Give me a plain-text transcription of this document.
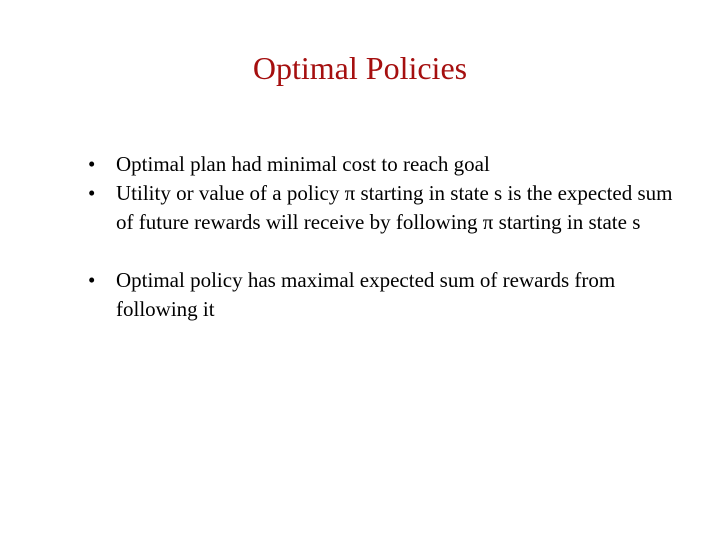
Optimal Policies
• Optimal plan had minimal cost to reach goal
• Utility or value of a policy π starting in state s is the expected sum of future rewards will receive by following π starting in state s
• Optimal policy has maximal expected sum of rewards from following it
